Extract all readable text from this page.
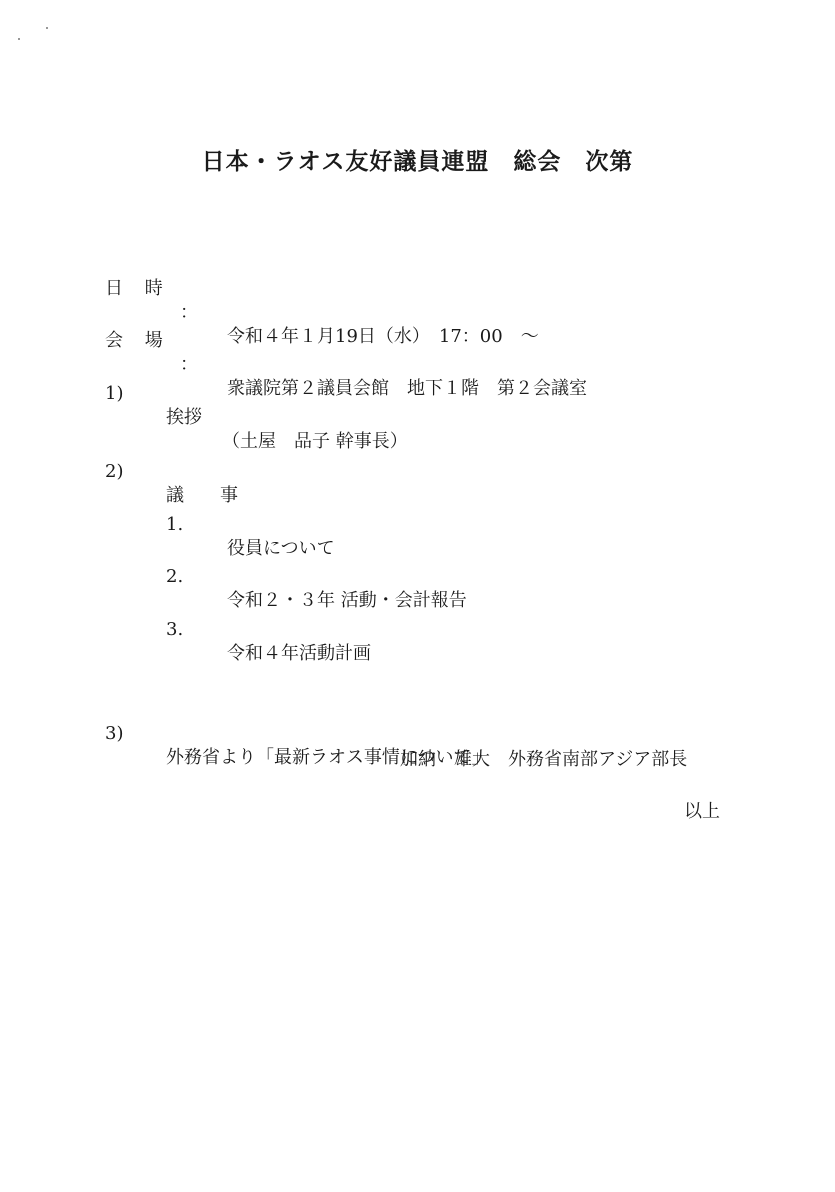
日本・ラオス友好議員連盟　総会　次第

日 時

：

令和４年１月19日（水）　17：00　～

会 場

：

衆議院第２議員会館　地下１階　第２会議室

1)

挨拶

（土屋　品子 幹事長）

2)

議　　事

1.

役員について

2.

令和２・３年 活動・会計報告

3.

令和４年活動計画

3)

外務省より「最新ラオス事情について」

加納　雄大　外務省南部アジア部長
以上
